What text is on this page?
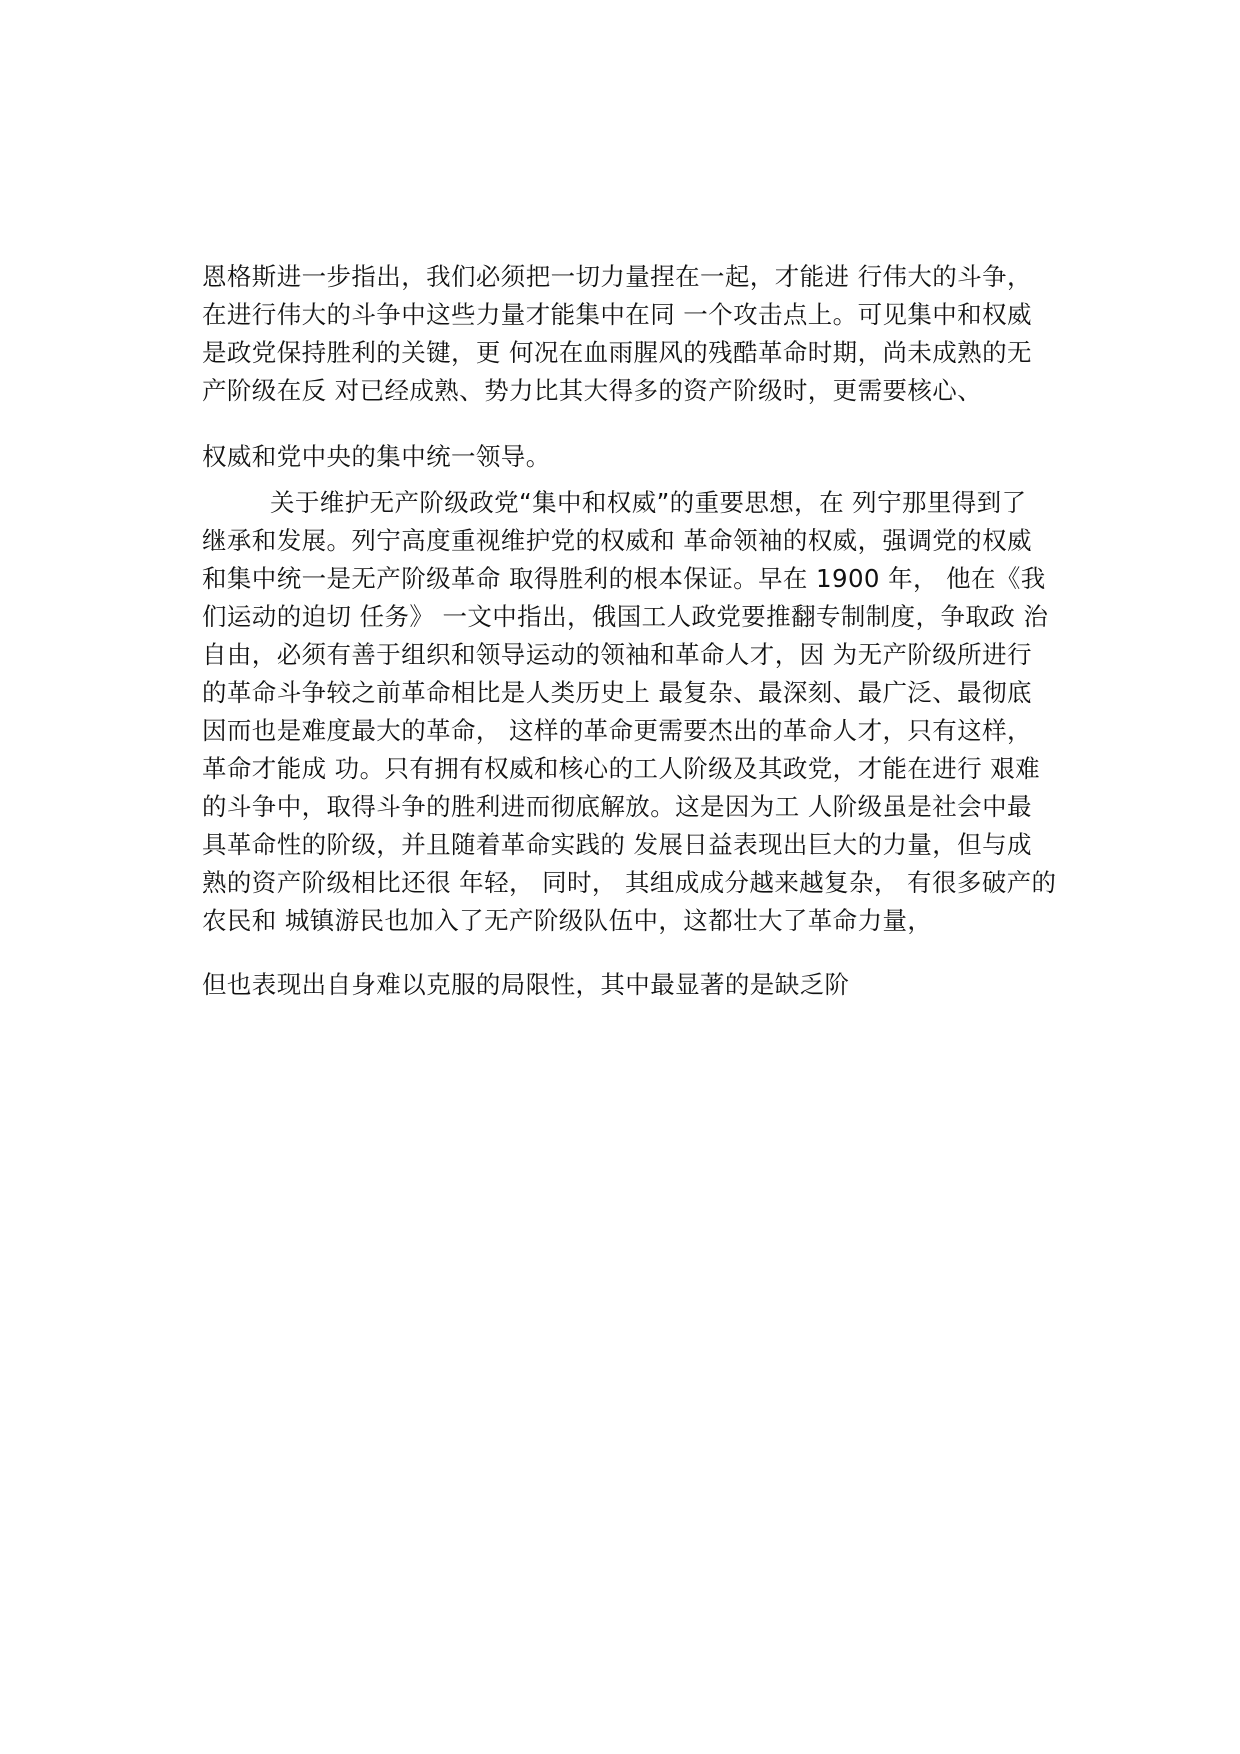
恩格斯进一步指出，我们必须把一切力量捏在一起，才能进 行伟大的斗争，
在进行伟大的斗争中这些力量才能集中在同 一个攻击点上。可见集中和权威
是政党保持胜利的关键，更 何况在血雨腥风的残酷革命时期，尚未成熟的无
产阶级在反 对已经成熟、势力比其大得多的资产阶级时，更需要核心、
权威和党中央的集中统一领导。
关于维护无产阶级政党“集中和权威”的重要思想，在 列宁那里得到了
继承和发展。列宁高度重视维护党的权威和 革命领袖的权威，强调党的权威
和集中统一是无产阶级革命 取得胜利的根本保证。早在 1900 年， 他在《我
们运动的迫切 任务》 一文中指出，俄国工人政党要推翻专制制度，争取政 治
自由，必须有善于组织和领导运动的领袖和革命人才，因 为无产阶级所进行
的革命斗争较之前革命相比是人类历史上 最复杂、最深刻、最广泛、最彻底
因而也是难度最大的革命， 这样的革命更需要杰出的革命人才，只有这样，
革命才能成 功。只有拥有权威和核心的工人阶级及其政党，才能在进行 艰难
的斗争中，取得斗争的胜利进而彻底解放。这是因为工 人阶级虽是社会中最
具革命性的阶级，并且随着革命实践的 发展日益表现出巨大的力量，但与成
熟的资产阶级相比还很 年轻， 同时， 其组成成分越来越复杂， 有很多破产的
农民和 城镇游民也加入了无产阶级队伍中，这都壮大了革命力量，
但也表现出自身难以克服的局限性，其中最显著的是缺乏阶
